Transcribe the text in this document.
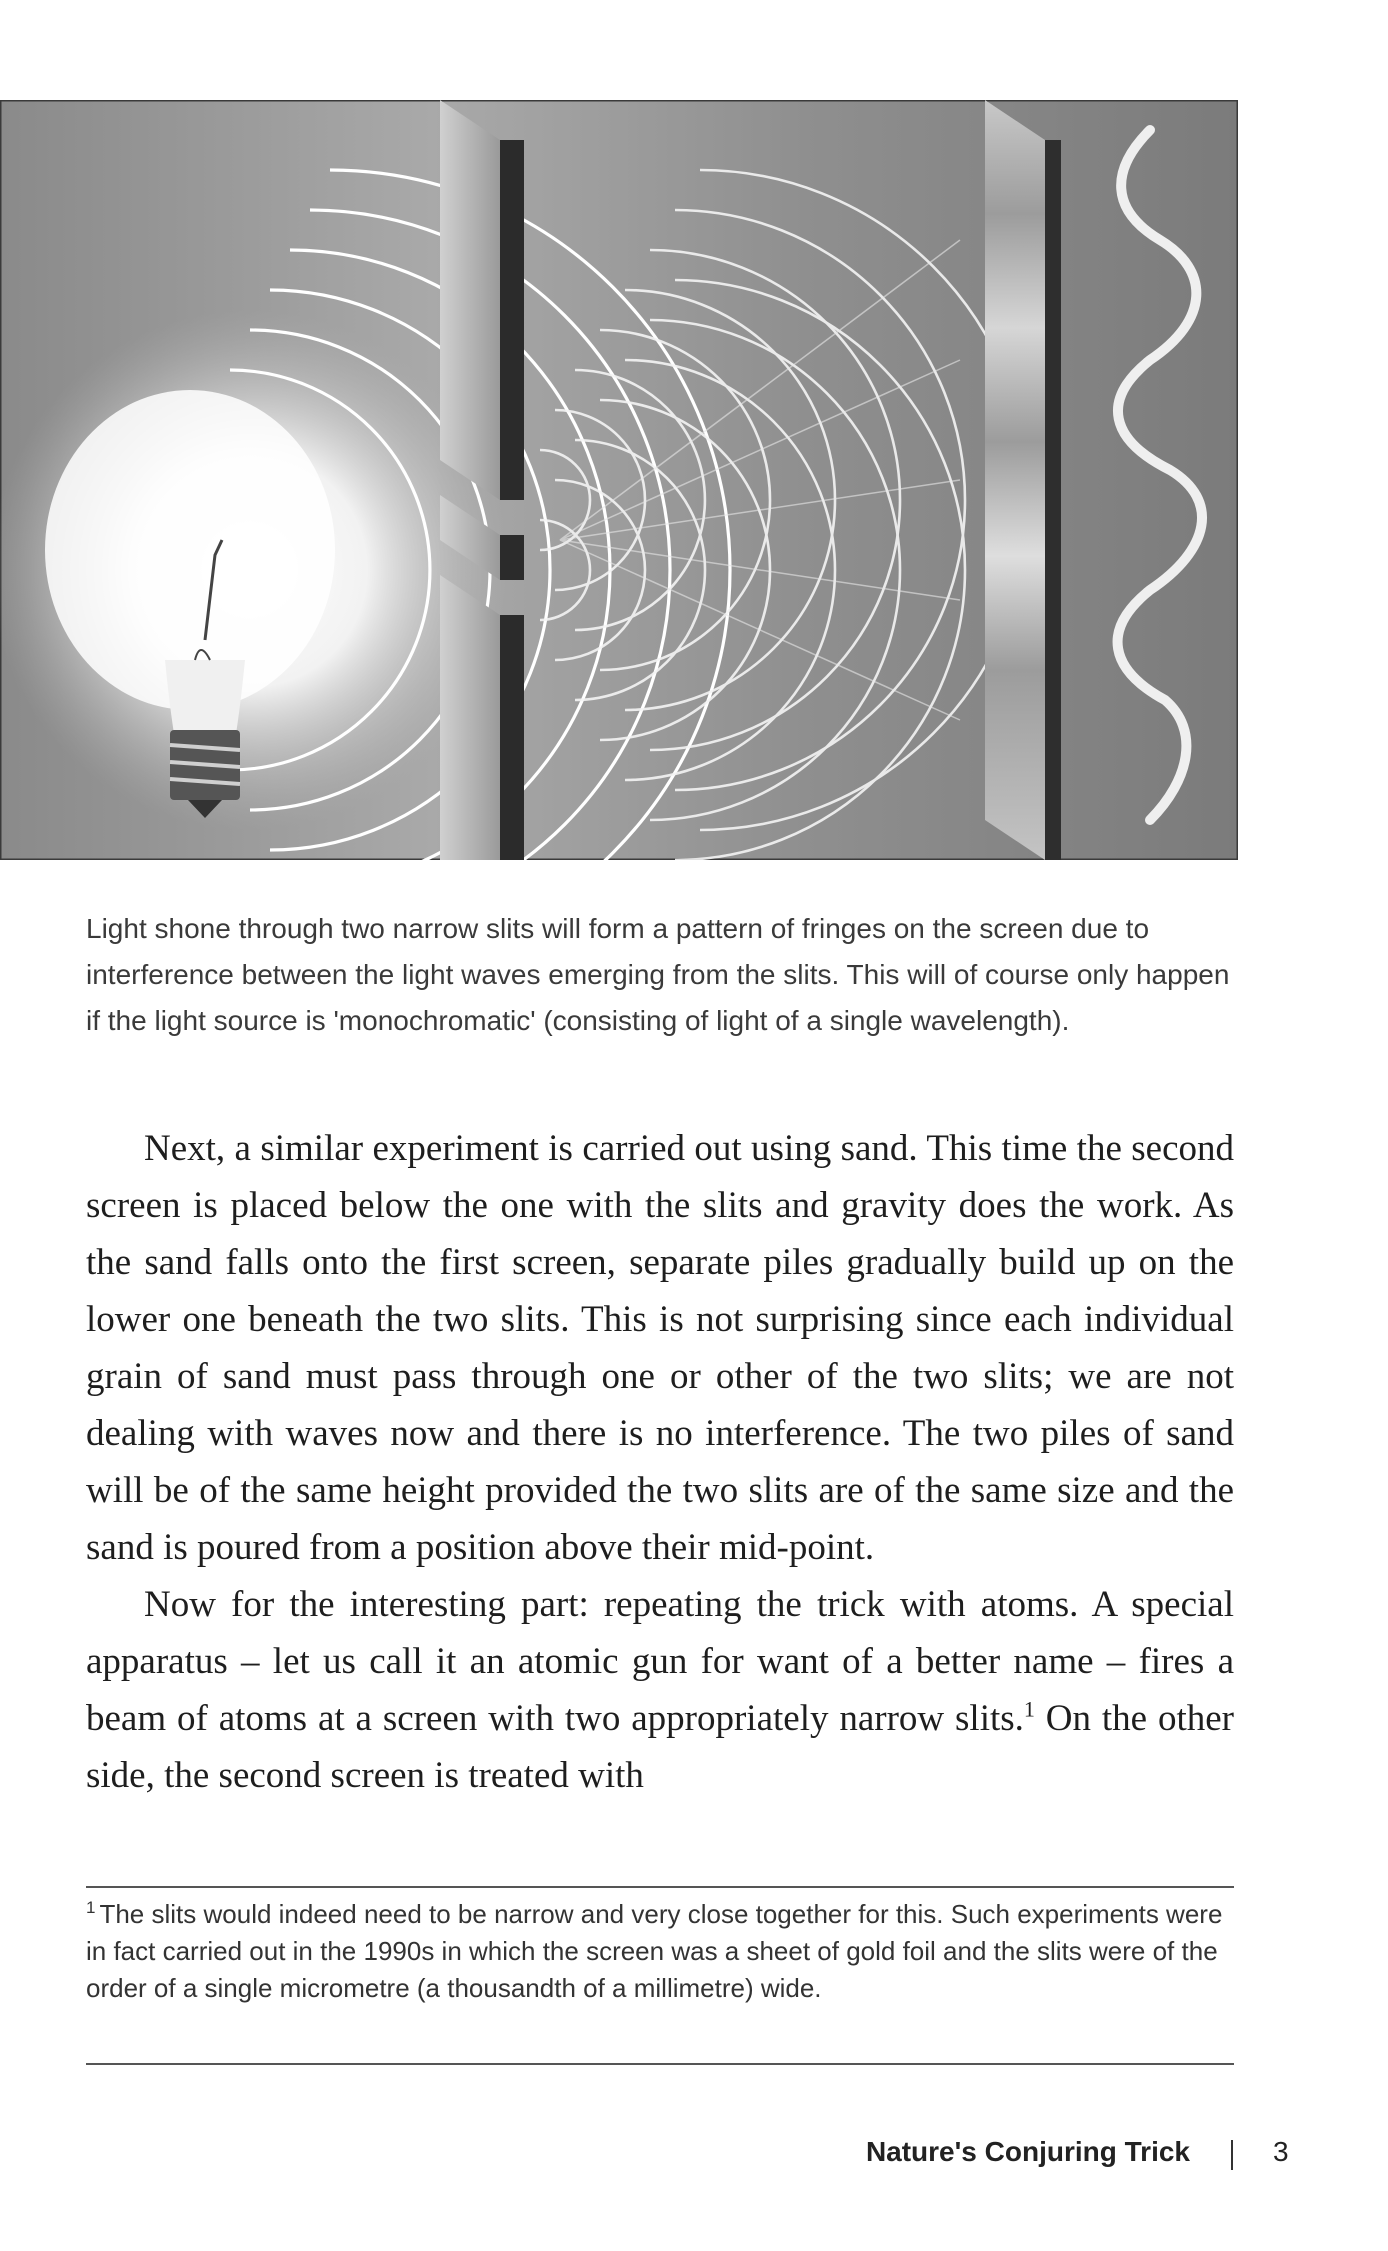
Light shone through two narrow slits will form a pattern of fringes on the screen due to interference between the light waves emerging from the slits. This will of course only happen if the light source is 'monochromatic' (consisting of light of a single wavelength).

Next, a similar experiment is carried out using sand. This time the second screen is placed below the one with the slits and gravity does the work. As the sand falls onto the first screen, separate piles gradually build up on the lower one beneath the two slits. This is not surprising since each individual grain of sand must pass through one or other of the two slits; we are not dealing with waves now and there is no interference. The two piles of sand will be of the same height provided the two slits are of the same size and the sand is poured from a position above their mid-point.

Now for the interesting part: repeating the trick with atoms. A special apparatus – let us call it an atomic gun for want of a better name – fires a beam of atoms at a screen with two appropriately narrow slits.$^1$ On the other side, the second screen is treated with

$^1$ The slits would indeed need to be narrow and very close together for this. Such experiments were in fact carried out in the 1990s in which the screen was a sheet of gold foil and the slits were of the order of a single micrometre (a thousandth of a millimetre) wide.

Nature's Conjuring Trick	3
